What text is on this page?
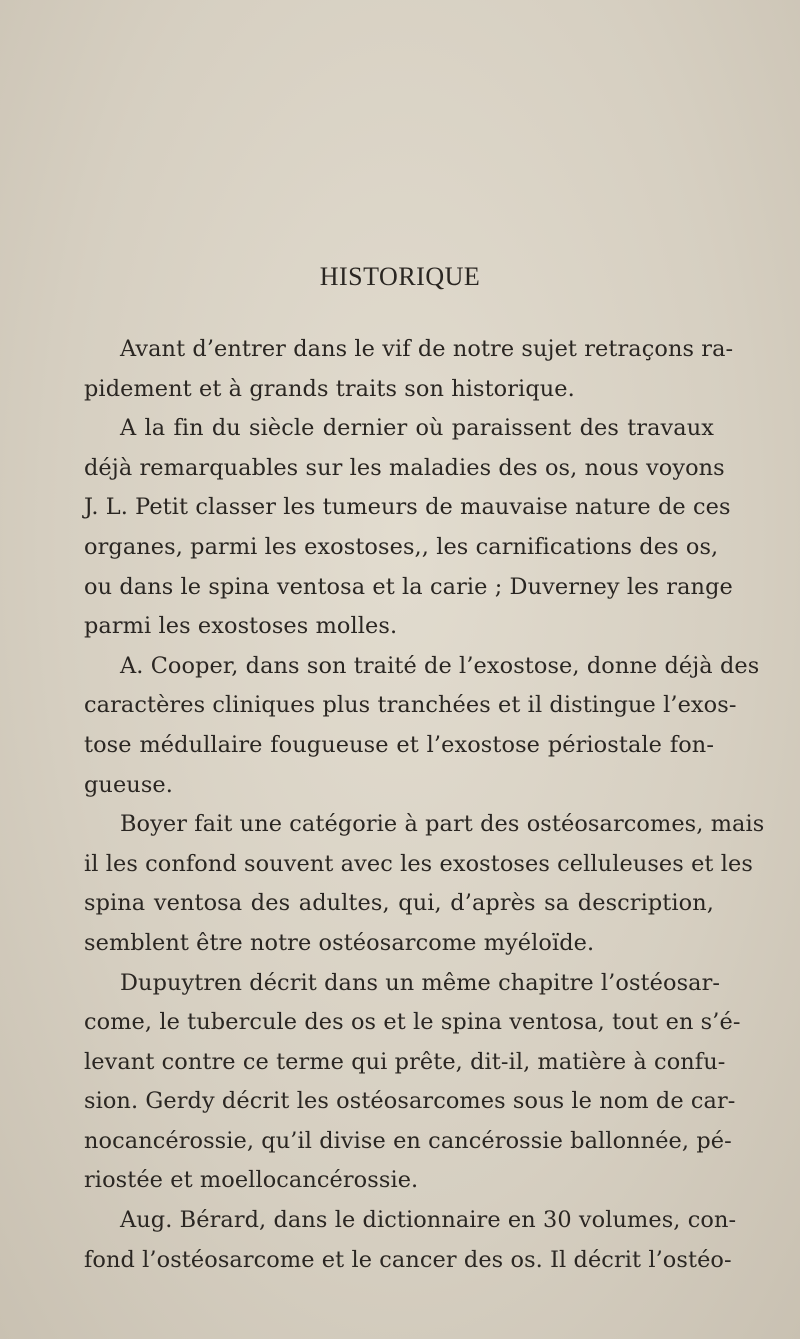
HISTORIQUE
Avant d’entrer dans le vif de notre sujet retraçons ra-
pidement et à grands traits son historique.
A la fin du siècle dernier où paraissent des travaux
déjà remarquables sur les maladies des os, nous voyons
J. L. Petit classer les tumeurs de mauvaise nature de ces
organes, parmi les exostoses,, les carnifications des os,
ou dans le spina ventosa et la carie ; Duverney les range
parmi les exostoses molles.
A. Cooper, dans son traité de l’exostose, donne déjà des
caractères cliniques plus tranchées et il distingue l’exos-
tose médullaire fougueuse et l’exostose périostale fon-
gueuse.
Boyer fait une catégorie à part des ostéosarcomes, mais
il les confond souvent avec les exostoses celluleuses et les
spina ventosa des adultes, qui, d’après sa description,
semblent être notre ostéosarcome myéloïde.
Dupuytren décrit dans un même chapitre l’ostéosar-
come, le tubercule des os et le spina ventosa, tout en s’é-
levant contre ce terme qui prête, dit-il, matière à confu-
sion. Gerdy décrit les ostéosarcomes sous le nom de car-
nocancérossie, qu’il divise en cancérossie ballonnée, pé-
riostée et moellocancérossie.
Aug. Bérard, dans le dictionnaire en 30 volumes, con-
fond l’ostéosarcome et le cancer des os. Il décrit l’ostéo-
